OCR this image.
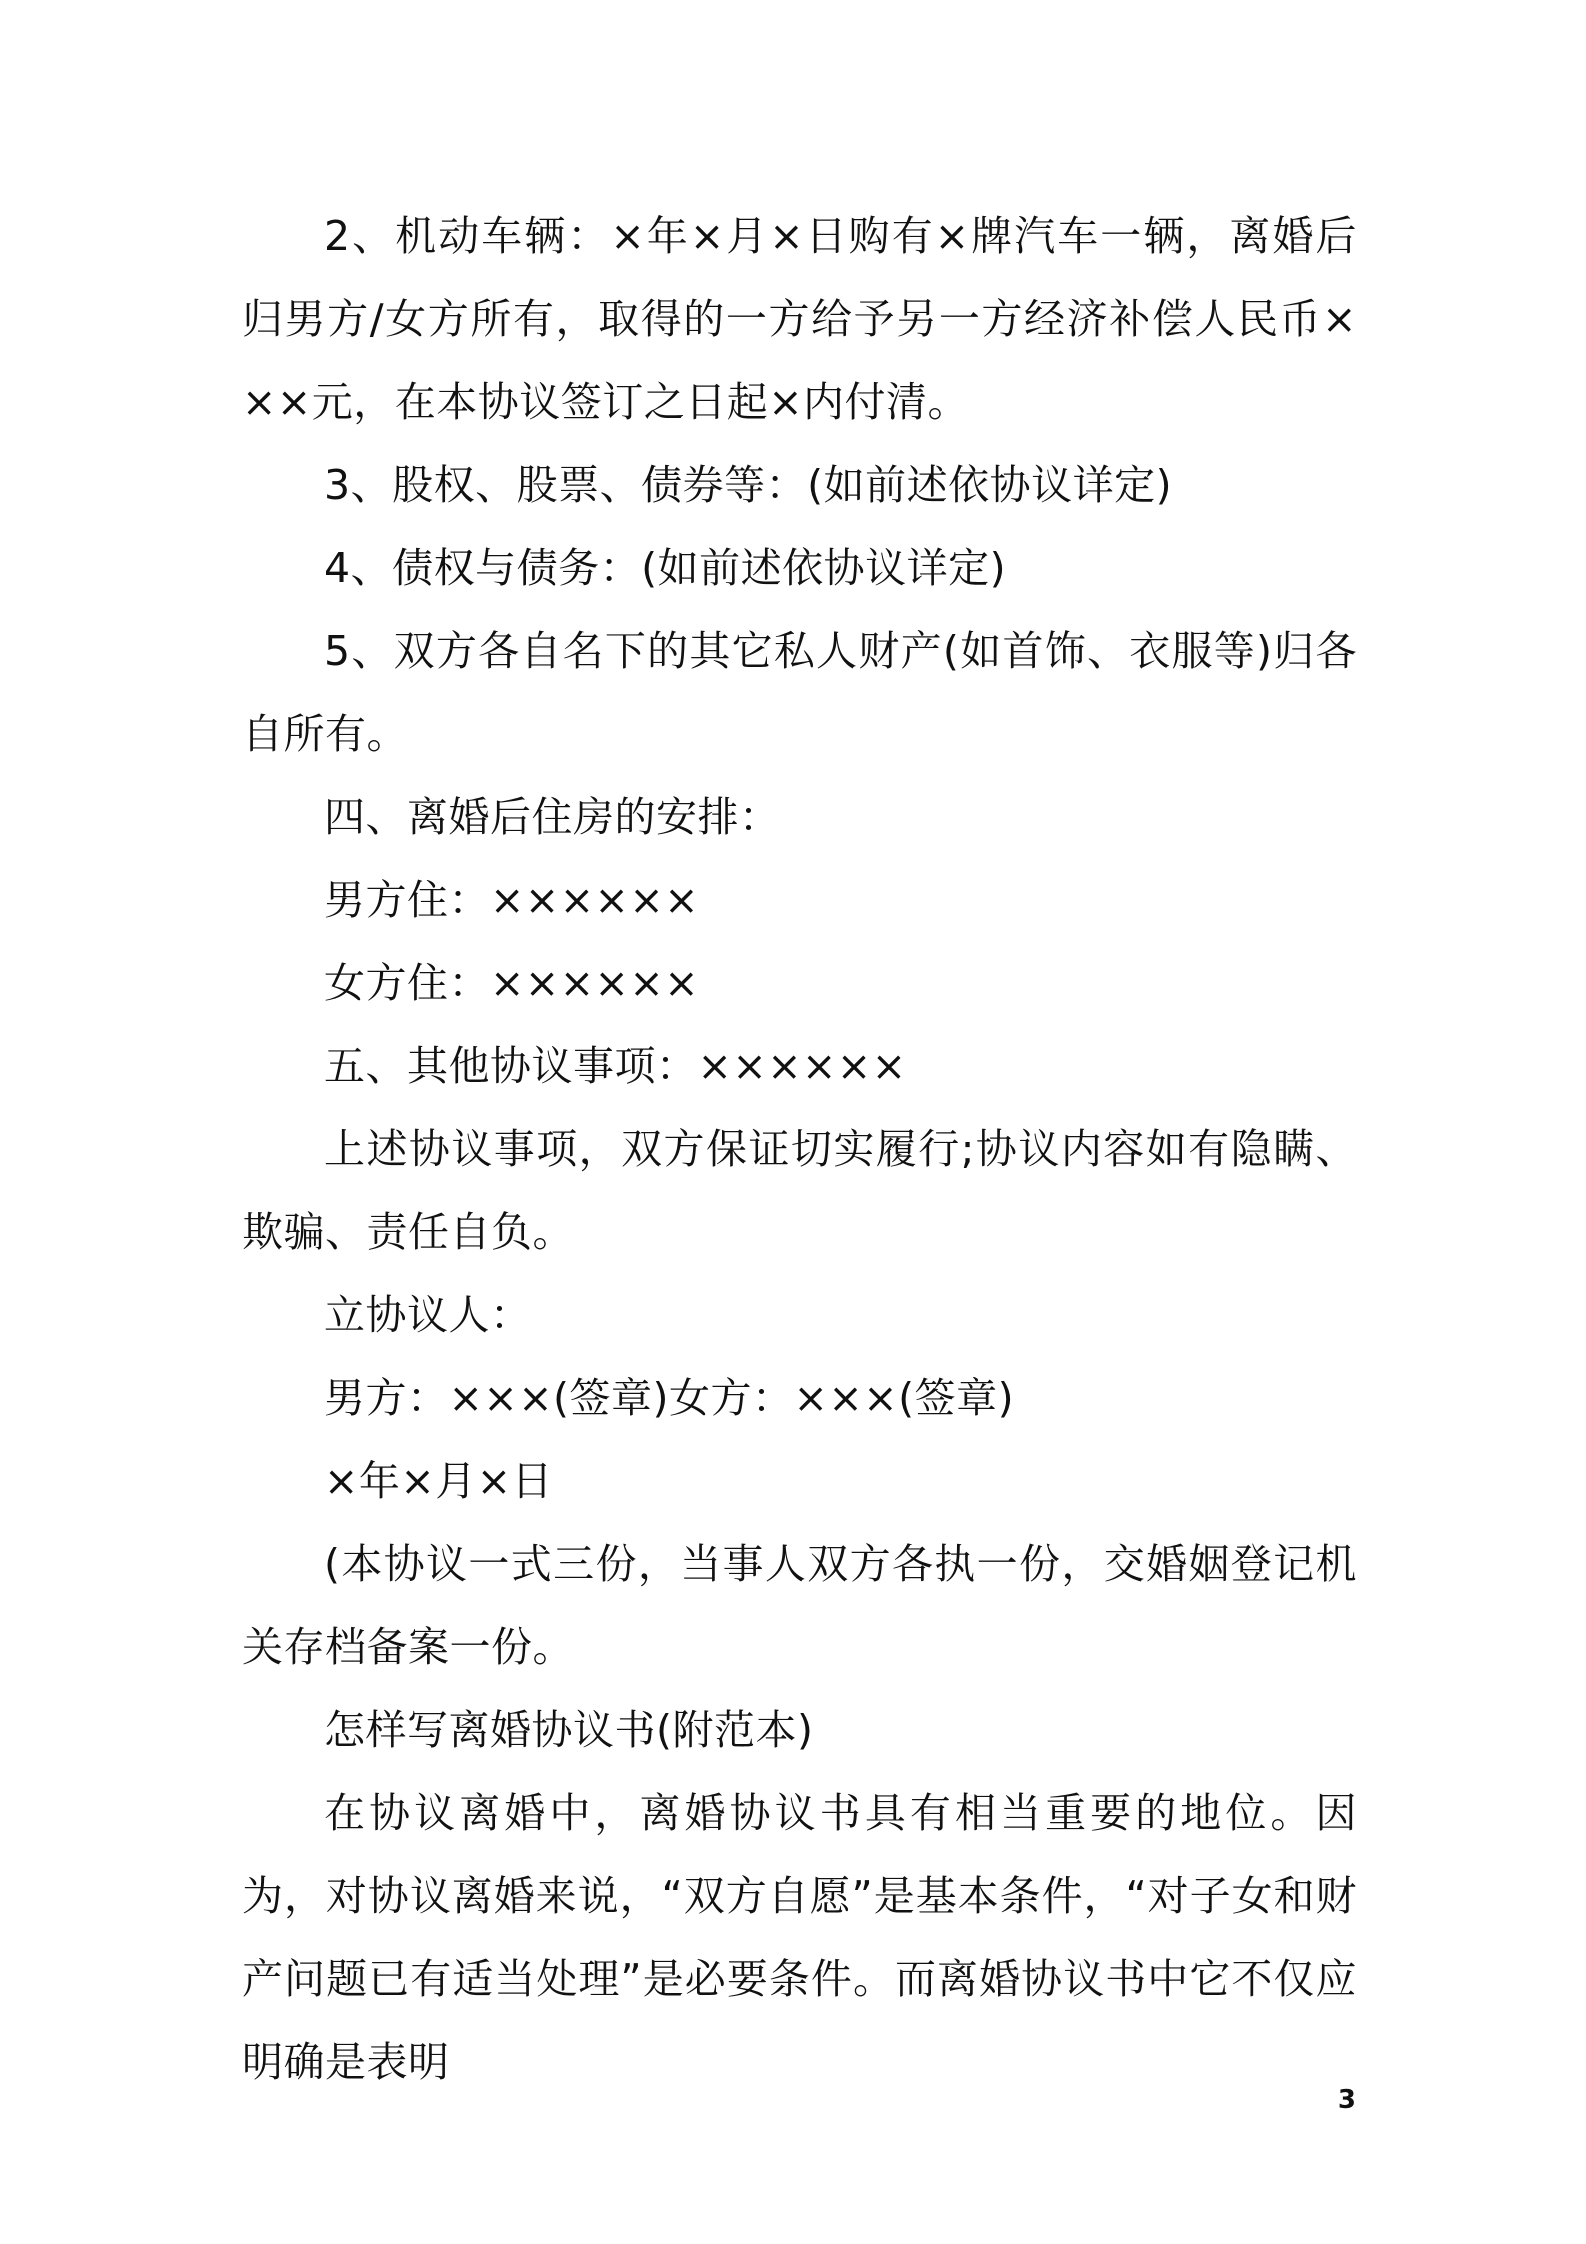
2、机动车辆：×年×月×日购有×牌汽车一辆，离婚后归男方/女方所有，取得的一方给予另一方经济补偿人民币×××元，在本协议签订之日起×内付清。

3、股权、股票、债券等：(如前述依协议详定)

4、债权与债务：(如前述依协议详定)

5、双方各自名下的其它私人财产(如首饰、衣服等)归各自所有。

四、离婚后住房的安排：

男方住：××××××

女方住：××××××

五、其他协议事项：××××××

上述协议事项，双方保证切实履行;协议内容如有隐瞒、欺骗、责任自负。

立协议人：

男方：×××(签章)女方：×××(签章)

×年×月×日

(本协议一式三份，当事人双方各执一份，交婚姻登记机关存档备案一份。

怎样写离婚协议书(附范本)

在协议离婚中，离婚协议书具有相当重要的地位。因为，对协议离婚来说，“双方自愿”是基本条件，“对子女和财产问题已有适当处理”是必要条件。而离婚协议书中它不仅应明确是表明

3
